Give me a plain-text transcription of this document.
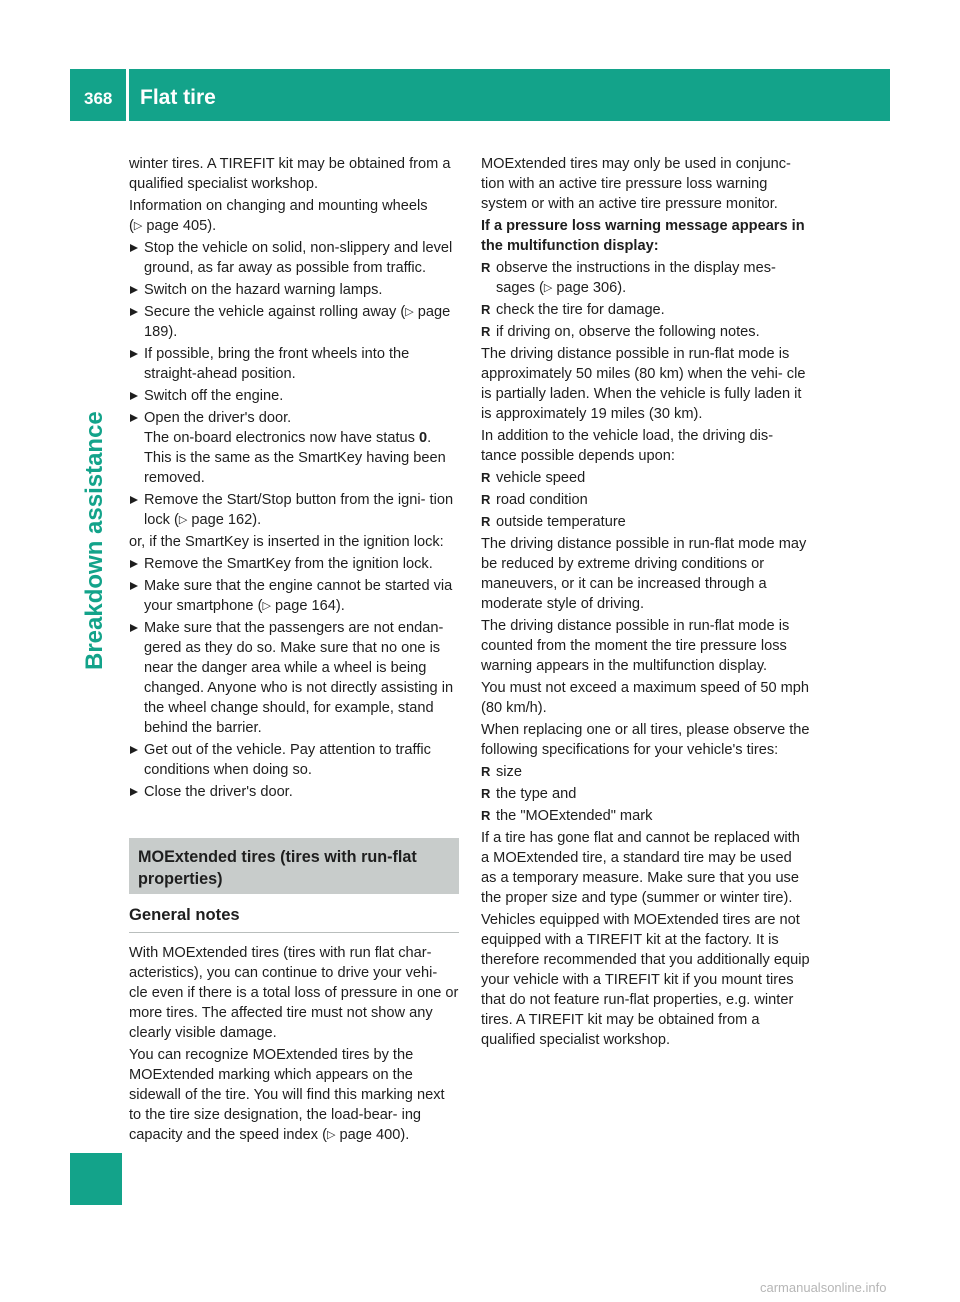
368 Flat tire
Breakdown assistance

winter tires. A TIREFIT kit may be obtained from a qualified specialist workshop.

Information on changing and mounting wheels (▷ page 405).

Stop the vehicle on solid, non-slippery and level ground, as far away as possible from traffic.
Switch on the hazard warning lamps.
Secure the vehicle against rolling away (▷ page 189).
If possible, bring the front wheels into the straight-ahead position.
Switch off the engine.
Open the driver's door.
The on-board electronics now have status 0.
This is the same as the SmartKey having been removed.
Remove the Start/Stop button from the igni- tion lock (▷ page 162).

or, if the SmartKey is inserted in the ignition lock:

Remove the SmartKey from the ignition lock.
Make sure that the engine cannot be started via your smartphone (▷ page 164).
Make sure that the passengers are not endan- gered as they do so. Make sure that no one is near the danger area while a wheel is being changed. Anyone who is not directly assisting in the wheel change should, for example, stand behind the barrier.
Get out of the vehicle. Pay attention to traffic conditions when doing so.
Close the driver's door.
MOExtended tires (tires with run-flat properties)
General notes

With MOExtended tires (tires with run flat char- acteristics), you can continue to drive your vehi- cle even if there is a total loss of pressure in one or more tires. The affected tire must not show any clearly visible damage.

You can recognize MOExtended tires by the MOExtended marking which appears on the sidewall of the tire. You will find this marking next to the tire size designation, the load-bear- ing capacity and the speed index (▷ page 400).

MOExtended tires may only be used in conjunc- tion with an active tire pressure loss warning system or with an active tire pressure monitor.

If a pressure loss warning message appears in the multifunction display:

R observe the instructions in the display mes- sages (▷ page 306).
R check the tire for damage.
R if driving on, observe the following notes.

The driving distance possible in run-flat mode is approximately 50 miles (80 km) when the vehi- cle is partially laden. When the vehicle is fully laden it is approximately 19 miles (30 km).

In addition to the vehicle load, the driving dis- tance possible depends upon:

R vehicle speed
R road condition
R outside temperature

The driving distance possible in run-flat mode may be reduced by extreme driving conditions or maneuvers, or it can be increased through a moderate style of driving.

The driving distance possible in run-flat mode is counted from the moment the tire pressure loss warning appears in the multifunction display.

You must not exceed a maximum speed of 50 mph (80 km/h).

When replacing one or all tires, please observe the following specifications for your vehicle's tires:

R size
R the type and
R the "MOExtended" mark

If a tire has gone flat and cannot be replaced with a MOExtended tire, a standard tire may be used as a temporary measure. Make sure that you use the proper size and type (summer or winter tire).

Vehicles equipped with MOExtended tires are not equipped with a TIREFIT kit at the factory. It is therefore recommended that you additionally equip your vehicle with a TIREFIT kit if you mount tires that do not feature run-flat properties, e.g. winter tires. A TIREFIT kit may be obtained from a qualified specialist workshop.

carmanualsonline.info
